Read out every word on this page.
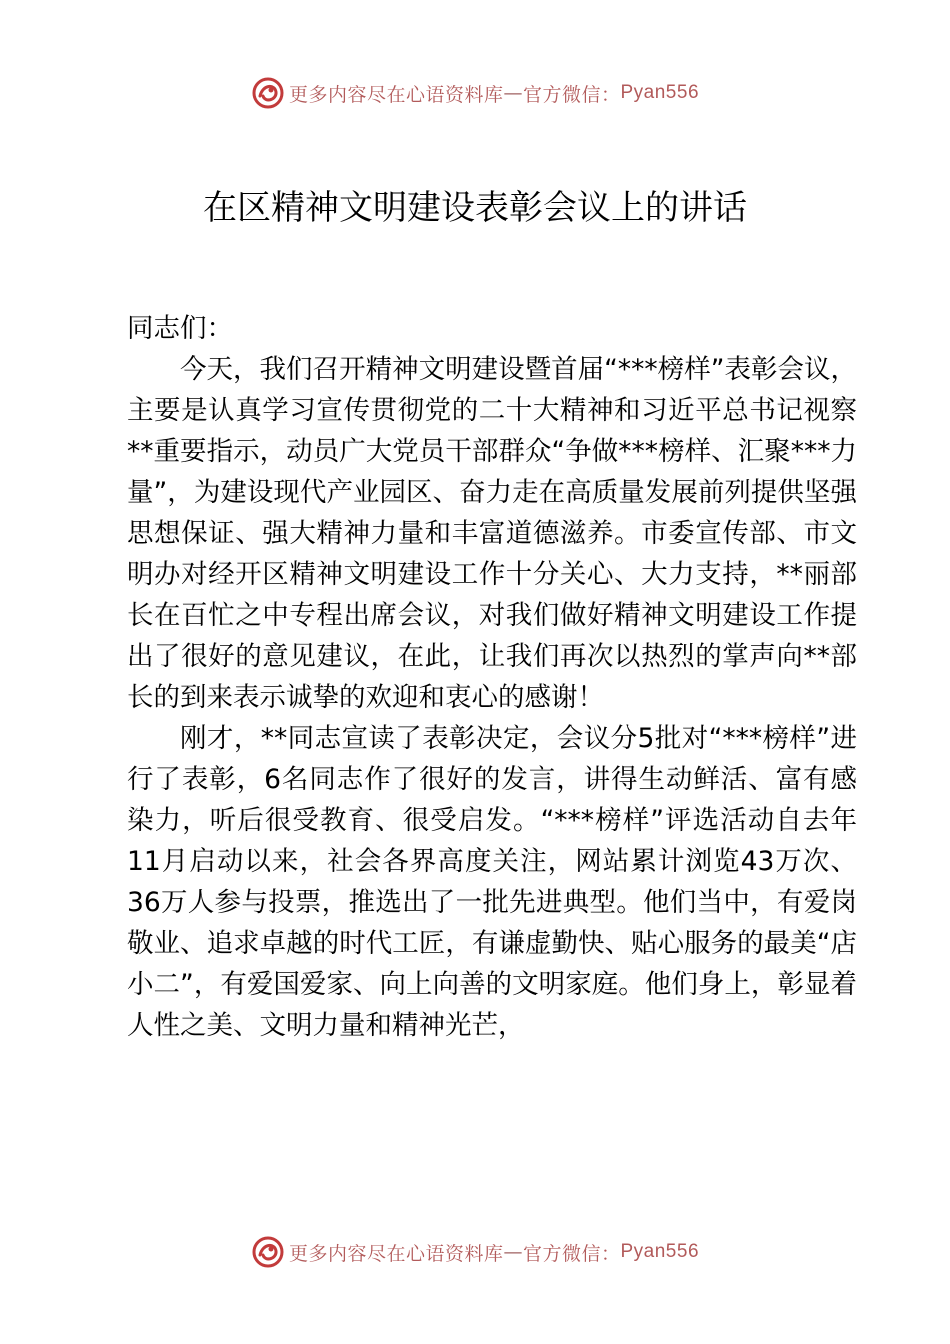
更多内容尽在心语资料库 — 官方微信： Pyan556
在区精神文明建设表彰会议上的讲话

同志们：

今天，我们召开精神文明建设暨首届“***榜样”表彰会议，主要是认真学习宣传贯彻党的二十大精神和习近平总书记视察**重要指示，动员广大党员干部群众“争做***榜样、汇聚***力量”，为建设现代产业园区、奋力走在高质量发展前列提供坚强思想保证、强大精神力量和丰富道德滋养。市委宣传部、市文明办对经开区精神文明建设工作十分关心、大力支持，**丽部长在百忙之中专程出席会议，对我们做好精神文明建设工作提出了很好的意见建议，在此，让我们再次以热烈的掌声向**部长的到来表示诚挚的欢迎和衷心的感谢！

刚才，**同志宣读了表彰决定，会议分5批对“***榜样”进行了表彰，6名同志作了很好的发言，讲得生动鲜活、富有感染力，听后很受教育、很受启发。“***榜样”评选活动自去年11月启动以来，社会各界高度关注，网站累计浏览43万次、36万人参与投票，推选出了一批先进典型。他们当中，有爱岗敬业、追求卓越的时代工匠，有谦虚勤快、贴心服务的最美“店小二”，有爱国爱家、向上向善的文明家庭。他们身上，彰显着人性之美、文明力量和精神光芒，

更多内容尽在心语资料库 — 官方微信： Pyan556
